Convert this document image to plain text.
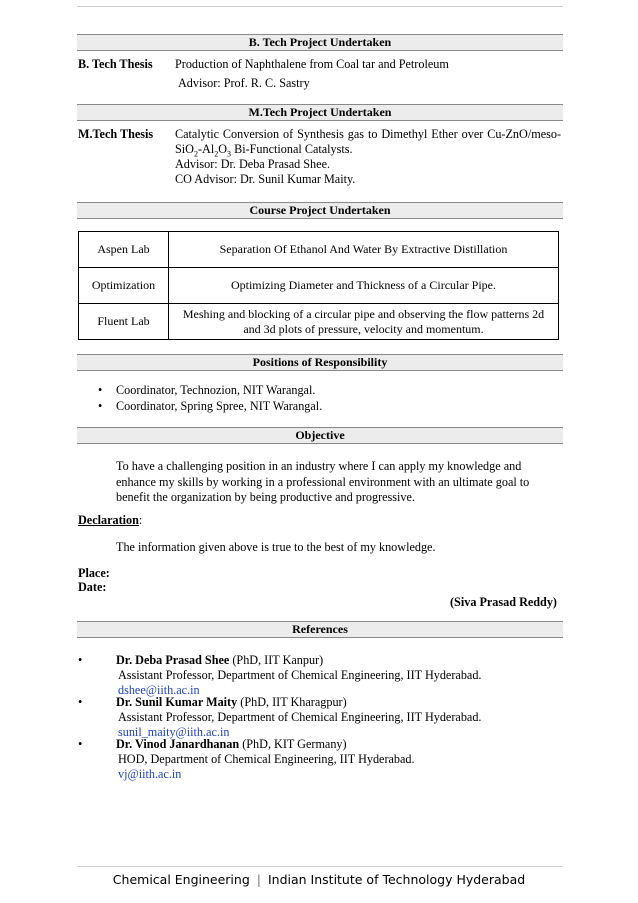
B. Tech Project Undertaken
B. Tech Thesis Production of Naphthalene from Coal tar and Petroleum
Advisor: Prof. R. C. Sastry
M.Tech Project Undertaken
M.Tech Thesis Catalytic Conversion of Synthesis gas to Dimethyl Ether over Cu-ZnO/meso-
$SiO_2-Al_2O_3$ Bi-Functional Catalysts.
Advisor: Dr. Deba Prasad Shee.
CO Advisor: Dr. Sunil Kumar Maity.
Course Project Undertaken
Aspen Lab	Separation Of Ethanol And Water By Extractive Distillation
Optimization	Optimizing Diameter and Thickness of a Circular Pipe.
Fluent Lab	Meshing and blocking of a circular pipe and observing the flow patterns 2d and 3d plots of pressure, velocity and momentum.
Positions of Responsibility
• Coordinator, Technozion, NIT Warangal.
• Coordinator, Spring Spree, NIT Warangal.
Objective
To have a challenging position in an industry where I can apply my knowledge and enhance my skills by working in a professional environment with an ultimate goal to benefit the organization by being productive and progressive.
Declaration:
The information given above is true to the best of my knowledge.
Place:
Date:
(Siva Prasad Reddy)
References
•	Dr. Deba Prasad Shee (PhD, IIT Kanpur)
Assistant Professor, Department of Chemical Engineering, IIT Hyderabad.
dshee@iith.ac.in
•	Dr. Sunil Kumar Maity (PhD, IIT Kharagpur)
Assistant Professor, Department of Chemical Engineering, IIT Hyderabad.
sunil_maity@iith.ac.in
•	Dr. Vinod Janardhanan (PhD, KIT Germany)
HOD, Department of Chemical Engineering, IIT Hyderabad.
vj@iith.ac.in
Chemical Engineering | Indian Institute of Technology Hyderabad
